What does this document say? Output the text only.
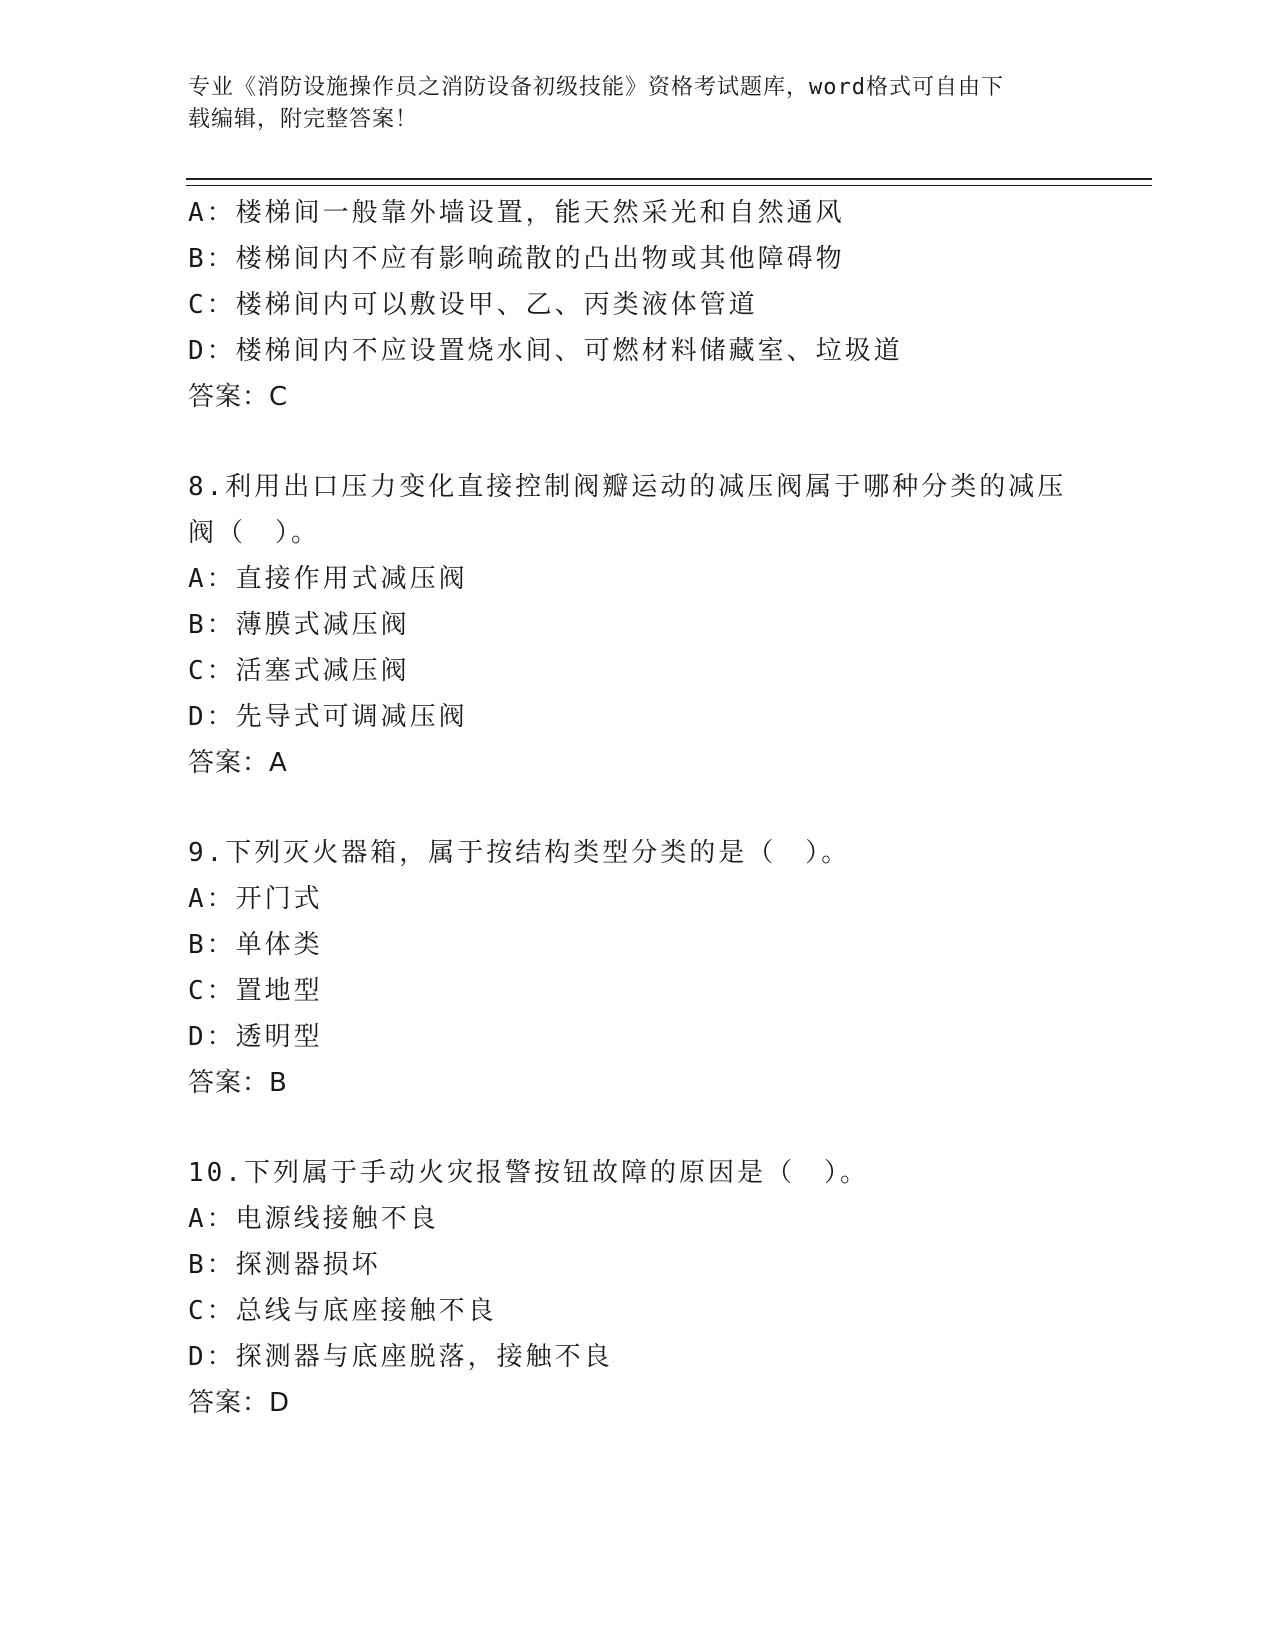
专业《消防设施操作员之消防设备初级技能》资格考试题库，word格式可自由下
载编辑，附完整答案！
A：楼梯间一般靠外墙设置，能天然采光和自然通风
B：楼梯间内不应有影响疏散的凸出物或其他障碍物
C：楼梯间内可以敷设甲、乙、丙类液体管道
D：楼梯间内不应设置烧水间、可燃材料储藏室、垃圾道
答案：C
8.利用出口压力变化直接控制阀瓣运动的减压阀属于哪种分类的减压
阀（　）。
A：直接作用式减压阀
B：薄膜式减压阀
C：活塞式减压阀
D：先导式可调减压阀
答案：A
9.下列灭火器箱，属于按结构类型分类的是（　）。
A：开门式
B：单体类
C：置地型
D：透明型
答案：B
10.下列属于手动火灾报警按钮故障的原因是（　）。
A：电源线接触不良
B：探测器损坏
C：总线与底座接触不良
D：探测器与底座脱落，接触不良
答案：D
